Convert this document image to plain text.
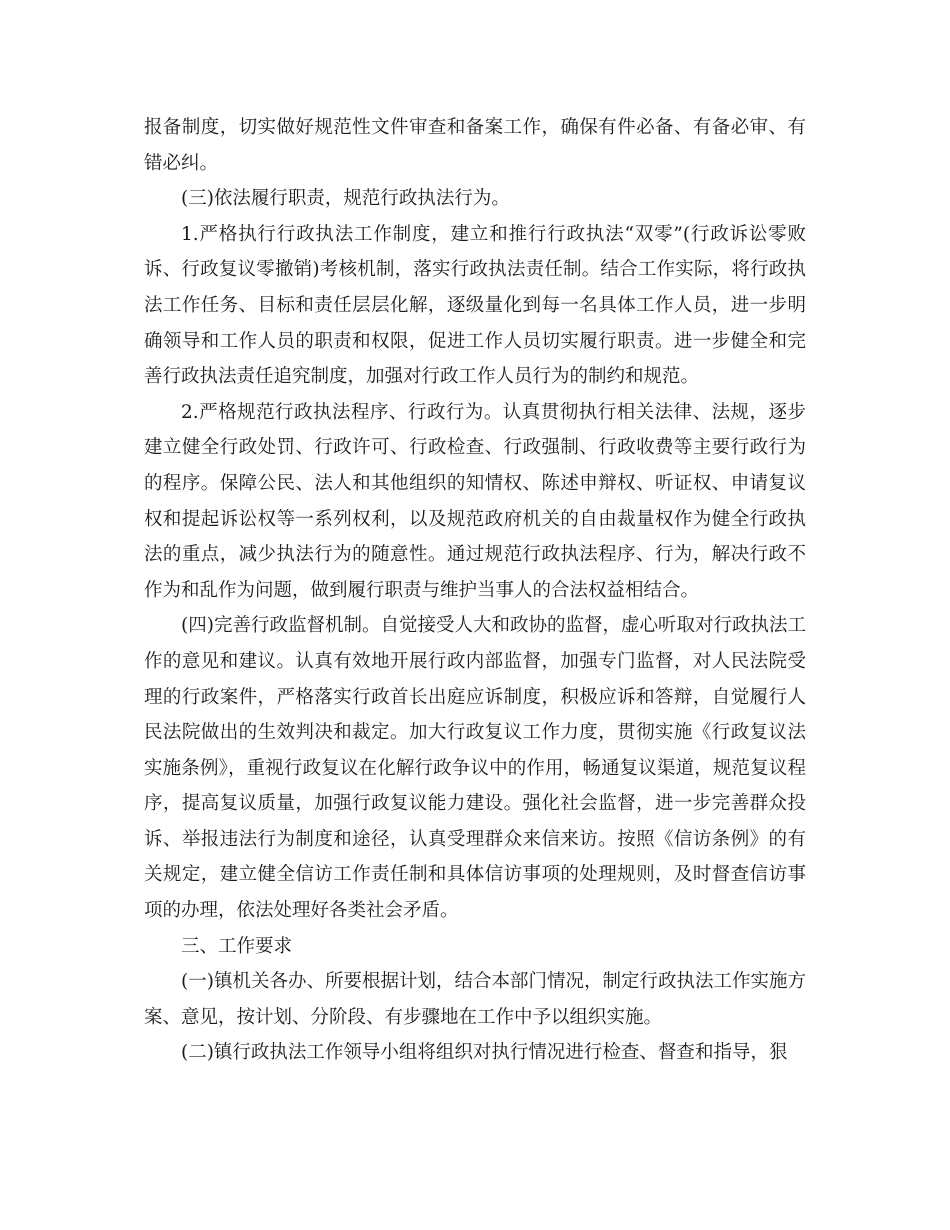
报备制度，切实做好规范性文件审查和备案工作，确保有件必备、有备必审、有错必纠。

(三)依法履行职责，规范行政执法行为。

1.严格执行行政执法工作制度，建立和推行行政执法“双零”(行政诉讼零败诉、行政复议零撤销)考核机制，落实行政执法责任制。结合工作实际，将行政执法工作任务、目标和责任层层化解，逐级量化到每一名具体工作人员，进一步明确领导和工作人员的职责和权限，促进工作人员切实履行职责。进一步健全和完善行政执法责任追究制度，加强对行政工作人员行为的制约和规范。

2.严格规范行政执法程序、行政行为。认真贯彻执行相关法律、法规，逐步建立健全行政处罚、行政许可、行政检查、行政强制、行政收费等主要行政行为的程序。保障公民、法人和其他组织的知情权、陈述申辩权、听证权、申请复议权和提起诉讼权等一系列权利，以及规范政府机关的自由裁量权作为健全行政执法的重点，减少执法行为的随意性。通过规范行政执法程序、行为，解决行政不作为和乱作为问题，做到履行职责与维护当事人的合法权益相结合。

(四)完善行政监督机制。自觉接受人大和政协的监督，虚心听取对行政执法工作的意见和建议。认真有效地开展行政内部监督，加强专门监督，对人民法院受理的行政案件，严格落实行政首长出庭应诉制度，积极应诉和答辩，自觉履行人民法院做出的生效判决和裁定。加大行政复议工作力度，贯彻实施《行政复议法实施条例》，重视行政复议在化解行政争议中的作用，畅通复议渠道，规范复议程序，提高复议质量，加强行政复议能力建设。强化社会监督，进一步完善群众投诉、举报违法行为制度和途径，认真受理群众来信来访。按照《信访条例》的有关规定，建立健全信访工作责任制和具体信访事项的处理规则，及时督查信访事项的办理，依法处理好各类社会矛盾。

三、工作要求

(一)镇机关各办、所要根据计划，结合本部门情况，制定行政执法工作实施方案、意见，按计划、分阶段、有步骤地在工作中予以组织实施。

(二)镇行政执法工作领导小组将组织对执行情况进行检查、督查和指导，狠
